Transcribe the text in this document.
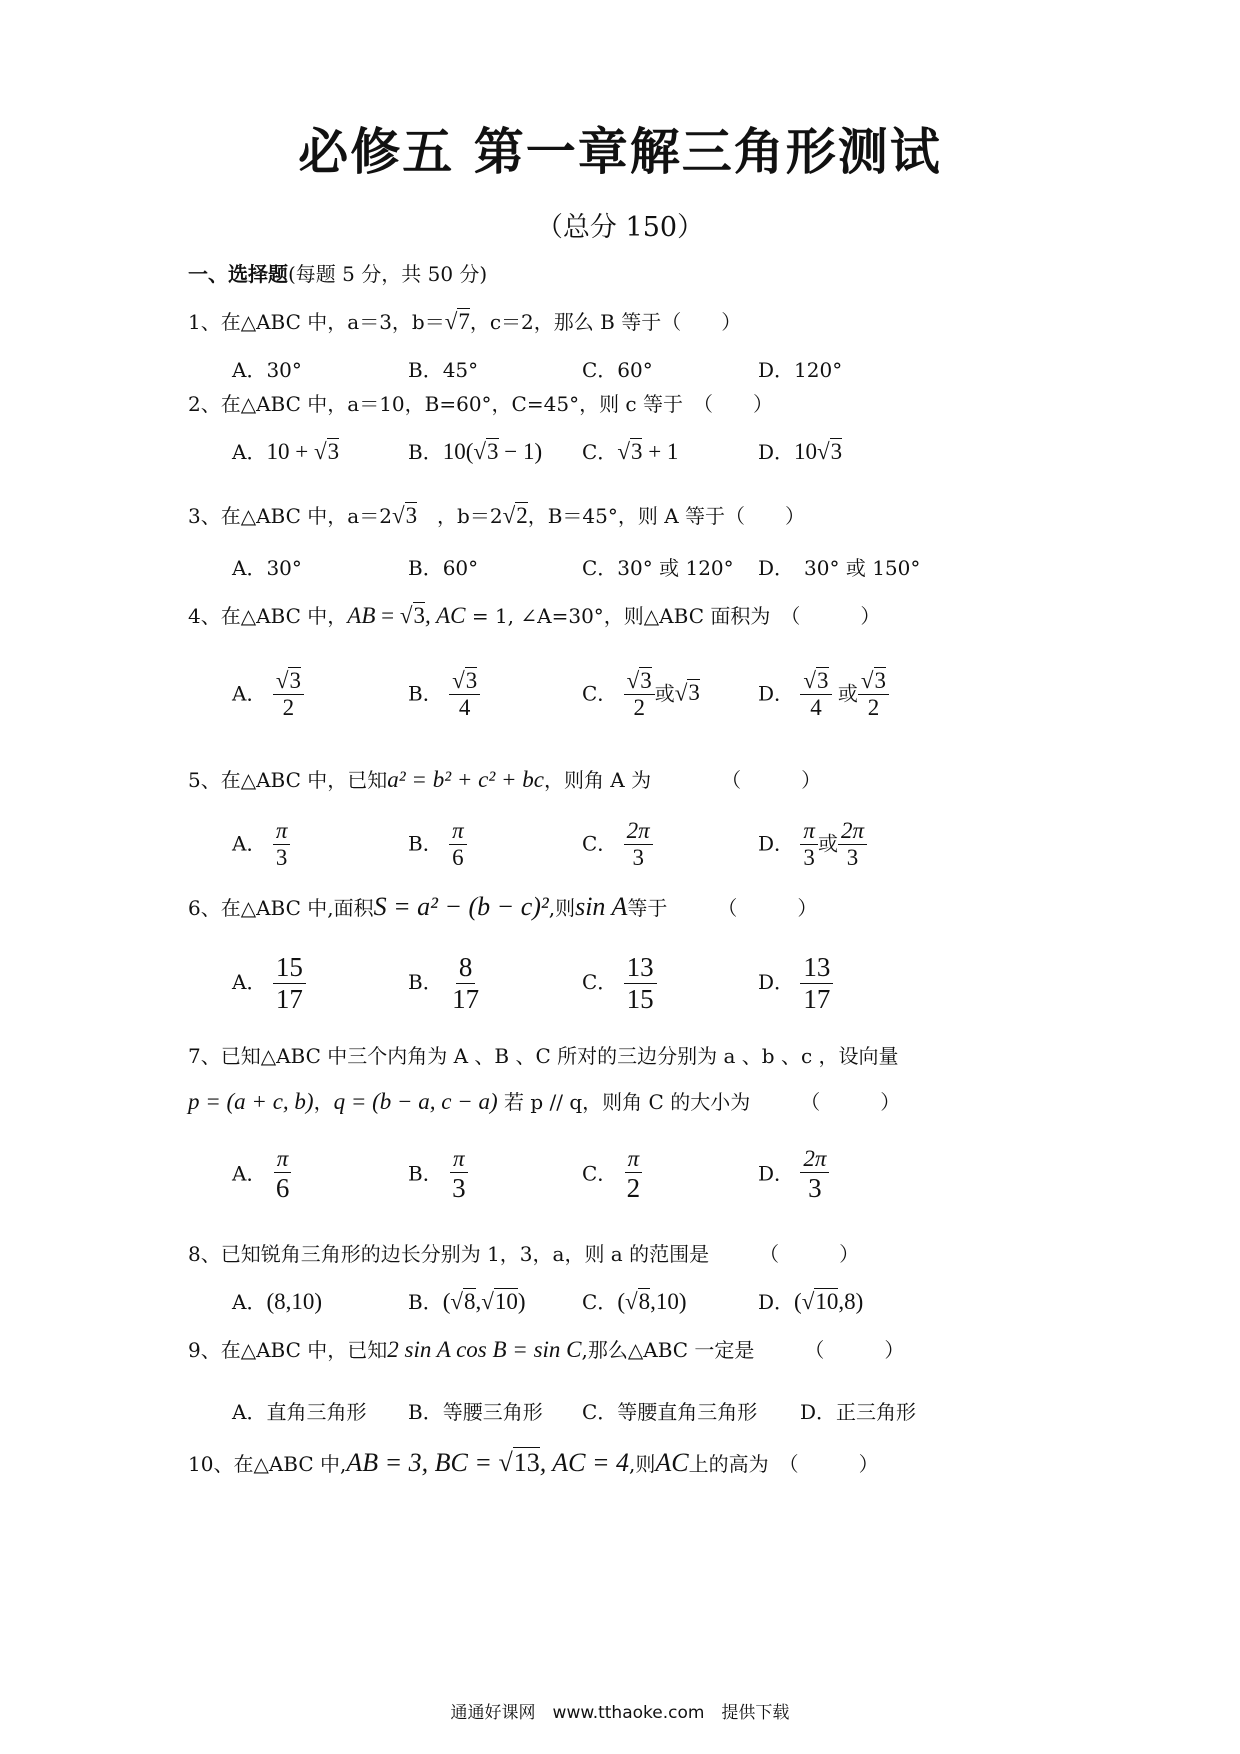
必修五 第一章解三角形测试
（总分 150）
一、选择题(每题 5 分，共 50 分)
1、在△ABC 中，a＝3，b＝√7，c＝2，那么 B 等于（　　）
A．30°	B．45°	C．60°	D．120°
2、在△ABC 中，a＝10，B=60°，C=45°，则 c 等于　（　　）
A．10 + √3	B．10(√3 − 1) C．√3 + 1	D．10√3
3、在△ABC 中，a＝2√3　，b＝2√2，B＝45°，则 A 等于（　　）
A．30°	B．60°	C．30° 或 120° D．　30° 或 150°
4、在△ABC 中，AB = √3, AC = 1, ∠A=30°，则△ABC 面积为　（　　　）
A． $\frac{√3}{2}$	B． $\frac{√3}{4}$	C． $\frac{√3}{2}$ 或√3	D． $\frac{√3}{4}$ 或 $\frac{√3}{2}$
5、在△ABC 中，已知a² = b² + c² + bc，则角 A 为　　　　（　　　）
A． $\frac{\pi}{3}$	B． $\frac{\pi}{6}$	C． $\frac{2\pi}{3}$	D． $\frac{\pi}{3}$ 或 $\frac{2\pi}{3}$
6、在△ABC 中,面积S = a² − (b − c)²,则sin A等于　　　（　　　）
A． $\frac{15}{17}$	B． $\frac{8}{17}$	C． $\frac{13}{15}$	D． $\frac{13}{17}$
7、已知△ABC 中三个内角为 A 、B 、C 所对的三边分别为 a 、b 、c ，设向量
p = (a + c, b)，q = (b − a, c − a) 若 p // q，则角 C 的大小为　　　（　　　）
A． $\frac{\pi}{6}$	B． $\frac{\pi}{3}$	C． $\frac{\pi}{2}$	D． $\frac{2\pi}{3}$
8、已知锐角三角形的边长分别为 1，3，a，则 a 的范围是　　　（　　　）
A．(8,10)	B．(√8,√10)	C．(√8,10)	D．(√10,8)
9、在△ABC 中，已知2 sin A cos B = sin C,那么△ABC 一定是　　　（　　　）
A．直角三角形 B．等腰三角形 C．等腰直角三角形 D．正三角形
10、在△ABC 中,AB = 3, BC = √13, AC = 4,则AC上的高为　（　　　）
通通好课网　www.tthaoke.com　提供下载
